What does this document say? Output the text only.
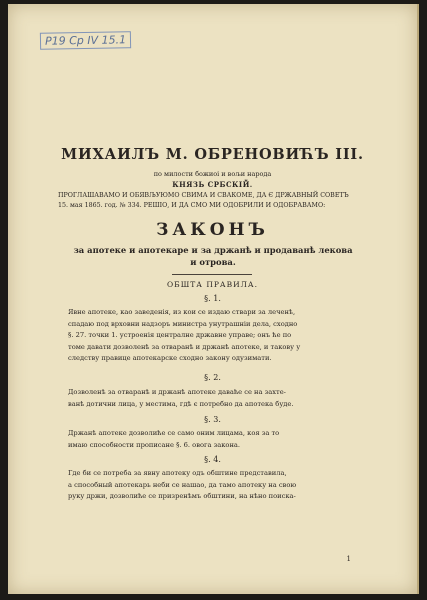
Р19 Ср IV 15.1
МИХАИЛЪ М. ОБРЕНОВИЋЪ III.
по милости божиоі и вољи народа
КНЯЗЬ СРБСКІЙ.
ПРОГЛАШАВАМО И ОБЯВЉУЮМО СВИМА И СВАКОМЕ, ДА Є ДРЖАВНЫЙ СОВЕТЪ
15. мая 1865. год. № 334. РЕШІО, И ДА СМО МИ ОДОБРИЛИ И ОДОБРАВАМО:
ЗАКОНЪ
за апотеке и апотекаре и за држанѣ и продаванѣ лекова
и отрова.
ОБШТА ПРАВИЛА.
§. 1.
Явне апотеке, као заведенія, из кои се издаю ствари за леченѣ,
спадаю под врховни надзоръ министра унутрашніи дела, сходно
§. 27. точки 1. устроенія централне државне управе; онъ ће по
томе давати дозволенѣ за отваранѣ и држанѣ апотеке, и такову у
следству правице апотекарске сходно закону одузимати.
§. 2.
Дозволенѣ за отваранѣ и држанѣ апотеке даваће се на захте-
ванѣ дотични лица, у местима, гдѣ є потребно да апотека буде.
§. 3.
Држанѣ апотеке дозволиће се само оним лицама, коя за то
имаю способности прописане §. 6. овога закона.
§. 4.
Где би се потреба за явну апотеку одъ обштине представила,
а способный апотекарь неби се нашао, да тамо апотеку на свою
руку држи, дозволиће се призренѣмъ обштини, на нѣно поиска-
1
